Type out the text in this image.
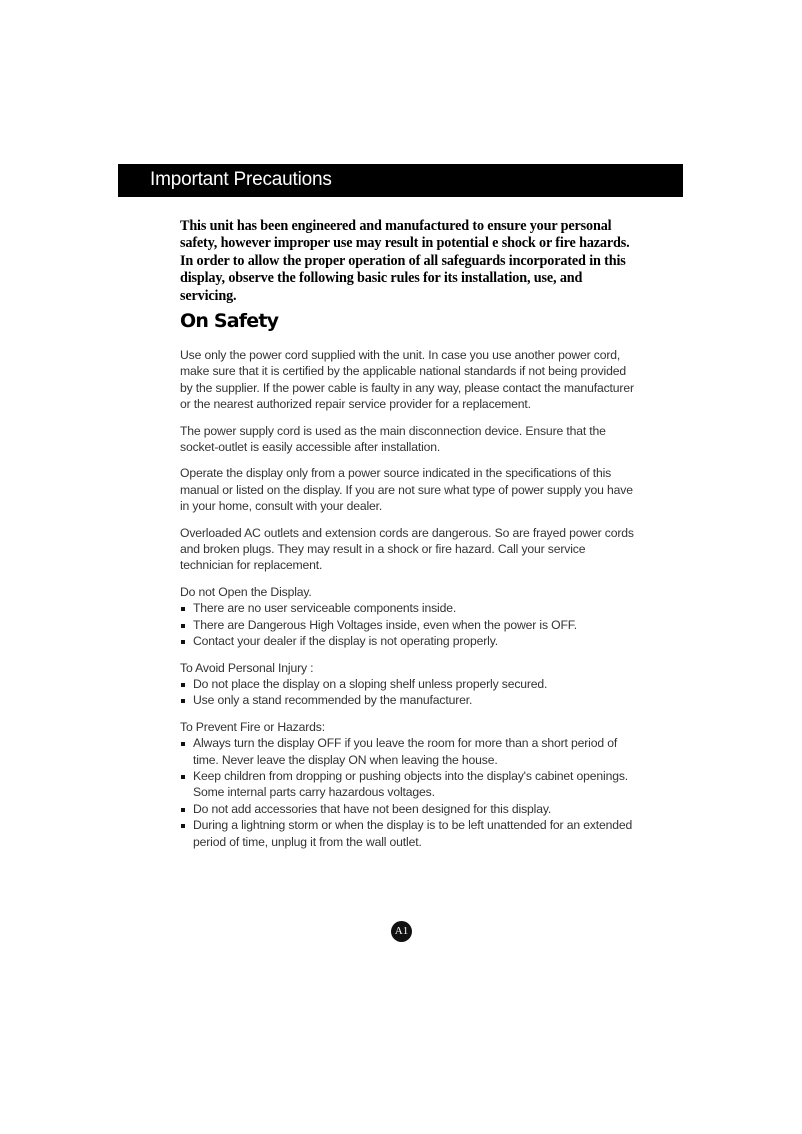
Important Precautions

This unit has been engineered and manufactured to ensure your personal safety, however improper use may result in potential e shock or fire hazards. In order to allow the proper operation of all safeguards incorporated in this display, observe the following basic rules for its installation, use, and servicing.

On Safety

Use only the power cord supplied with the unit. In case you use another power cord, make sure that it is certified by the applicable national standards if not being provided by the supplier. If the power cable is faulty in any way, please contact the manufacturer or the nearest authorized repair service provider for a replacement.

The power supply cord is used as the main disconnection device. Ensure that the socket-outlet is easily accessible after installation.

Operate the display only from a power source indicated in the specifications of this manual or listed on the display. If you are not sure what type of power supply you have in your home, consult with your dealer.

Overloaded AC outlets and extension cords are dangerous. So are frayed power cords and broken plugs. They may result in a shock or fire hazard. Call your service technician for replacement.

Do not Open the Display.

There are no user serviceable components inside.
There are Dangerous High Voltages inside, even when the power is OFF.
Contact your dealer if the display is not operating properly.

To Avoid Personal Injury :

Do not place the display on a sloping shelf unless properly secured.
Use only a stand recommended by the manufacturer.

To Prevent Fire or Hazards:

Always turn the display OFF if you leave the room for more than a short period of time. Never leave the display ON when leaving the house.
Keep children from dropping or pushing objects into the display's cabinet openings. Some internal parts carry hazardous voltages.
Do not add accessories that have not been designed for this display.
During a lightning storm or when the display is to be left unattended for an extended period of time, unplug it from the wall outlet.
A1
